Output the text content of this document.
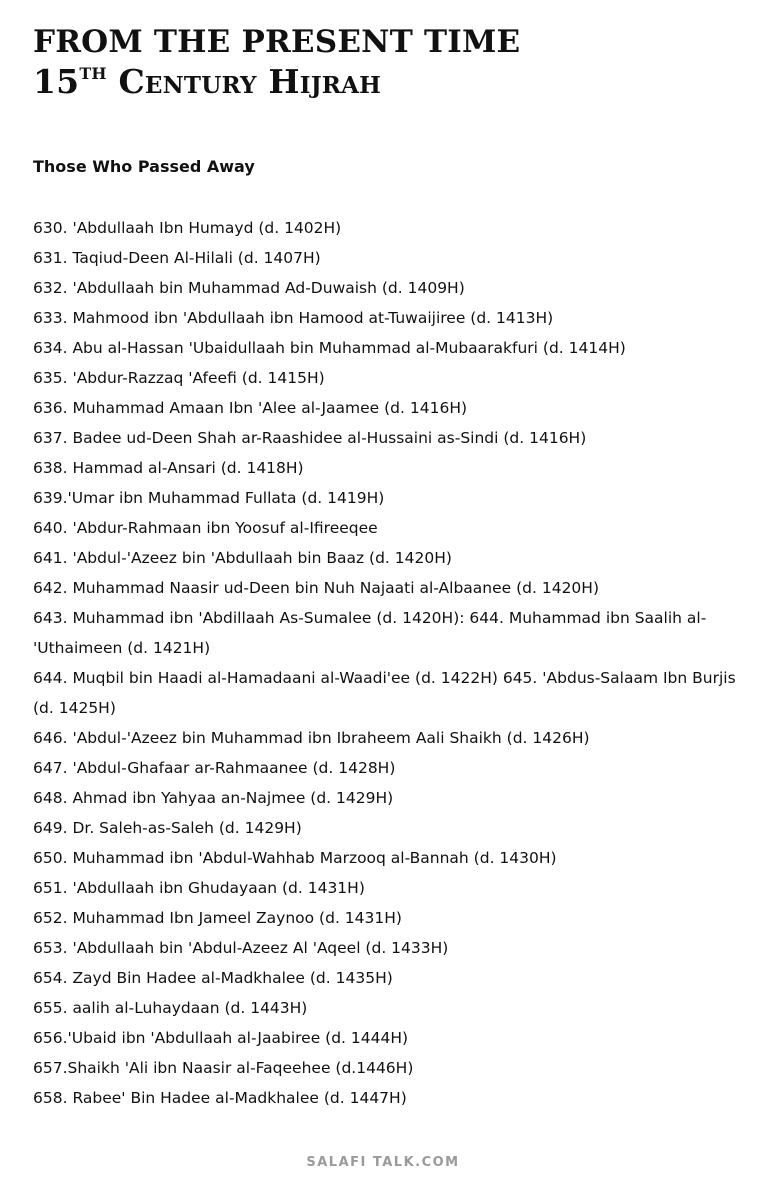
FROM THE PRESENT TIME
15TH Century Hijrah
Those Who Passed Away
630. 'Abdullaah Ibn Humayd (d. 1402H)
631. Taqiud-Deen Al-Hilali (d. 1407H)
632. 'Abdullaah bin Muhammad Ad-Duwaish (d. 1409H)
633. Mahmood ibn 'Abdullaah ibn Hamood at-Tuwaijiree (d. 1413H)
634. Abu al-Hassan 'Ubaidullaah bin Muhammad al-Mubaarakfuri (d. 1414H)
635. 'Abdur-Razzaq 'Afeefi (d. 1415H)
636. Muhammad Amaan Ibn 'Alee al-Jaamee (d. 1416H)
637. Badee ud-Deen Shah ar-Raashidee al-Hussaini as-Sindi (d. 1416H)
638. Hammad al-Ansari (d. 1418H)
639.'Umar ibn Muhammad Fullata (d. 1419H)
640. 'Abdur-Rahmaan ibn Yoosuf al-Ifireeqee
641. 'Abdul-'Azeez bin 'Abdullaah bin Baaz (d. 1420H)
642. Muhammad Naasir ud-Deen bin Nuh Najaati al-Albaanee (d. 1420H)
643. Muhammad ibn 'Abdillaah As-Sumalee (d. 1420H): 644. Muhammad ibn Saalih al-'Uthaimeen (d. 1421H)
644. Muqbil bin Haadi al-Hamadaani al-Waadi'ee (d. 1422H) 645. 'Abdus-Salaam Ibn Burjis (d. 1425H)
646. 'Abdul-'Azeez bin Muhammad ibn Ibraheem Aali Shaikh (d. 1426H)
647. 'Abdul-Ghafaar ar-Rahmaanee (d. 1428H)
648. Ahmad ibn Yahyaa an-Najmee (d. 1429H)
649. Dr. Saleh-as-Saleh (d. 1429H)
650. Muhammad ibn 'Abdul-Wahhab Marzooq al-Bannah (d. 1430H)
651. 'Abdullaah ibn Ghudayaan (d. 1431H)
652. Muhammad Ibn Jameel Zaynoo (d. 1431H)
653. 'Abdullaah bin 'Abdul-Azeez Al 'Aqeel (d. 1433H)
654. Zayd Bin Hadee al-Madkhalee (d. 1435H)
655. aalih al-Luhaydaan (d. 1443H)
656.'Ubaid ibn 'Abdullaah al-Jaabiree (d. 1444H)
657.Shaikh 'Ali ibn Naasir al-Faqeehee (d.1446H)
658. Rabee' Bin Hadee al-Madkhalee (d. 1447H)
SALAFI TALK.COM
